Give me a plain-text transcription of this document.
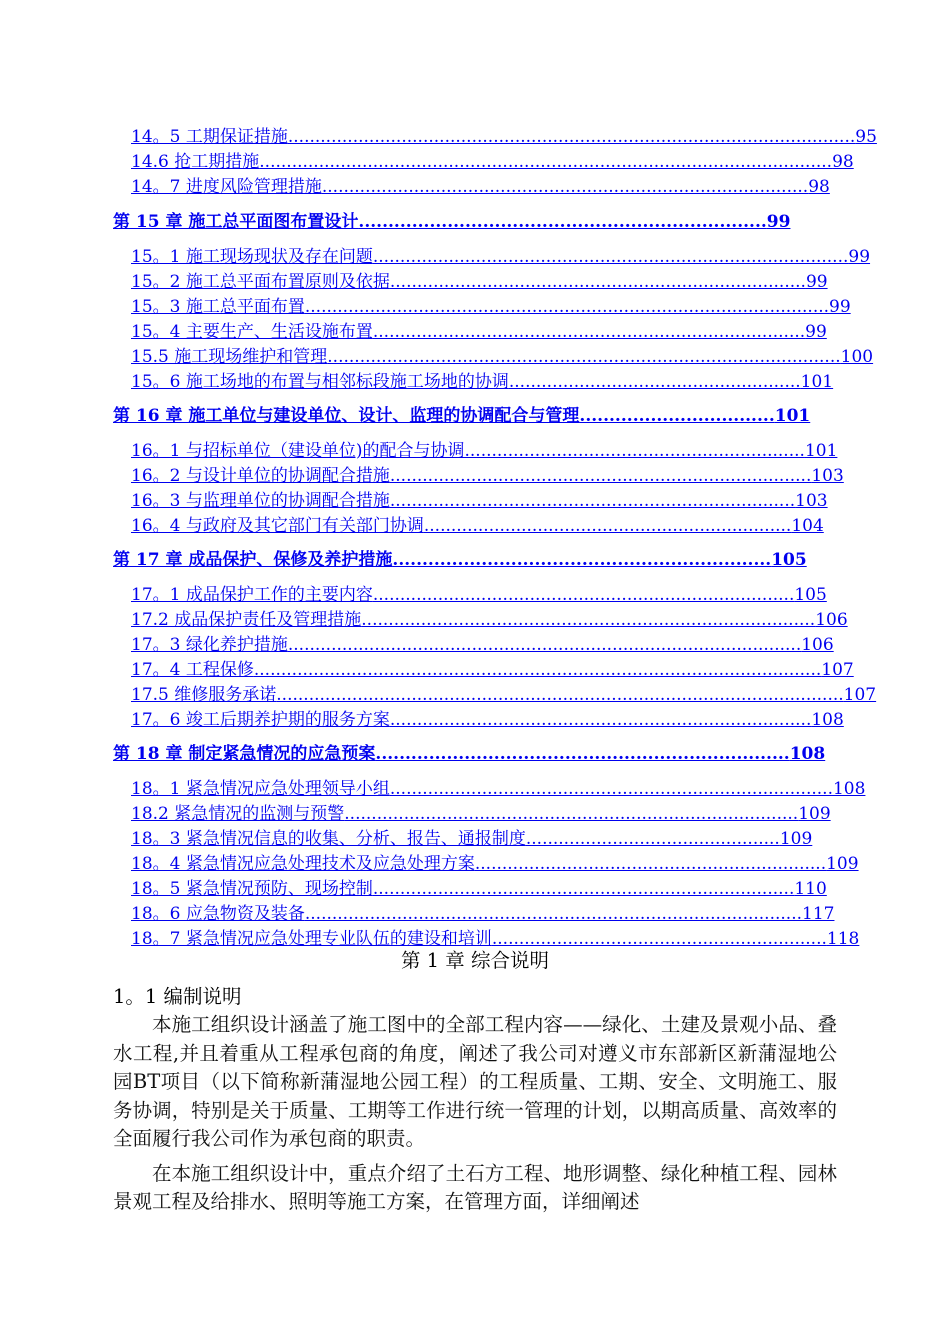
14。5 工期保证措施.........................................................................................................95
14.6 抢工期措施..........................................................................................................98
14。7 进度风险管理措施..........................................................................................98
第 15 章 施工总平面图布置设计.....................................................................99
15。1 施工现场现状及存在问题........................................................................................99
15。2 施工总平面布置原则及依据.............................................................................99
15。3 施工总平面布置.................................................................................................99
15。4 主要生产、生活设施布置................................................................................99
15.5 施工现场维护和管理...............................................................................................100
15。6 施工场地的布置与相邻标段施工场地的协调......................................................101
第 16 章 施工单位与建设单位、设计、监理的协调配合与管理.................................101
16。1 与招标单位（建设单位)的配合与协调...............................................................101
16。2 与设计单位的协调配合措施..............................................................................103
16。3 与监理单位的协调配合措施...........................................................................103
16。4 与政府及其它部门有关部门协调....................................................................104
第 17 章 成品保护、保修及养护措施................................................................105
17。1 成品保护工作的主要内容..............................................................................105
17.2 成品保护责任及管理措施....................................................................................106
17。3 绿化养护措施...............................................................................................106
17。4 工程保修.........................................................................................................107
17.5 维修服务承诺.........................................................................................................107
17。6 竣工后期养护期的服务方案..............................................................................108
第 18 章 制定紧急情况的应急预案......................................................................108
18。1 紧急情况应急处理领导小组..................................................................................108
18.2 紧急情况的监测与预警....................................................................................109
18。3 紧急情况信息的收集、分析、报告、通报制度...............................................109
18。4 紧急情况应急处理技术及应急处理方案.................................................................109
18。5 紧急情况预防、现场控制..............................................................................110
18。6 应急物资及装备............................................................................................117
18。7 紧急情况应急处理专业队伍的建设和培训..............................................................118
第 1 章 综合说明
1。1 编制说明

本施工组织设计涵盖了施工图中的全部工程内容——绿化、土建及景观小品、叠水工程,并且着重从工程承包商的角度，阐述了我公司对遵义市东部新区新蒲湿地公园BT项目（以下简称新蒲湿地公园工程）的工程质量、工期、安全、文明施工、服务协调，特别是关于质量、工期等工作进行统一管理的计划，以期高质量、高效率的全面履行我公司作为承包商的职责。

在本施工组织设计中，重点介绍了土石方工程、地形调整、绿化种植工程、园林景观工程及给排水、照明等施工方案，在管理方面，详细阐述
